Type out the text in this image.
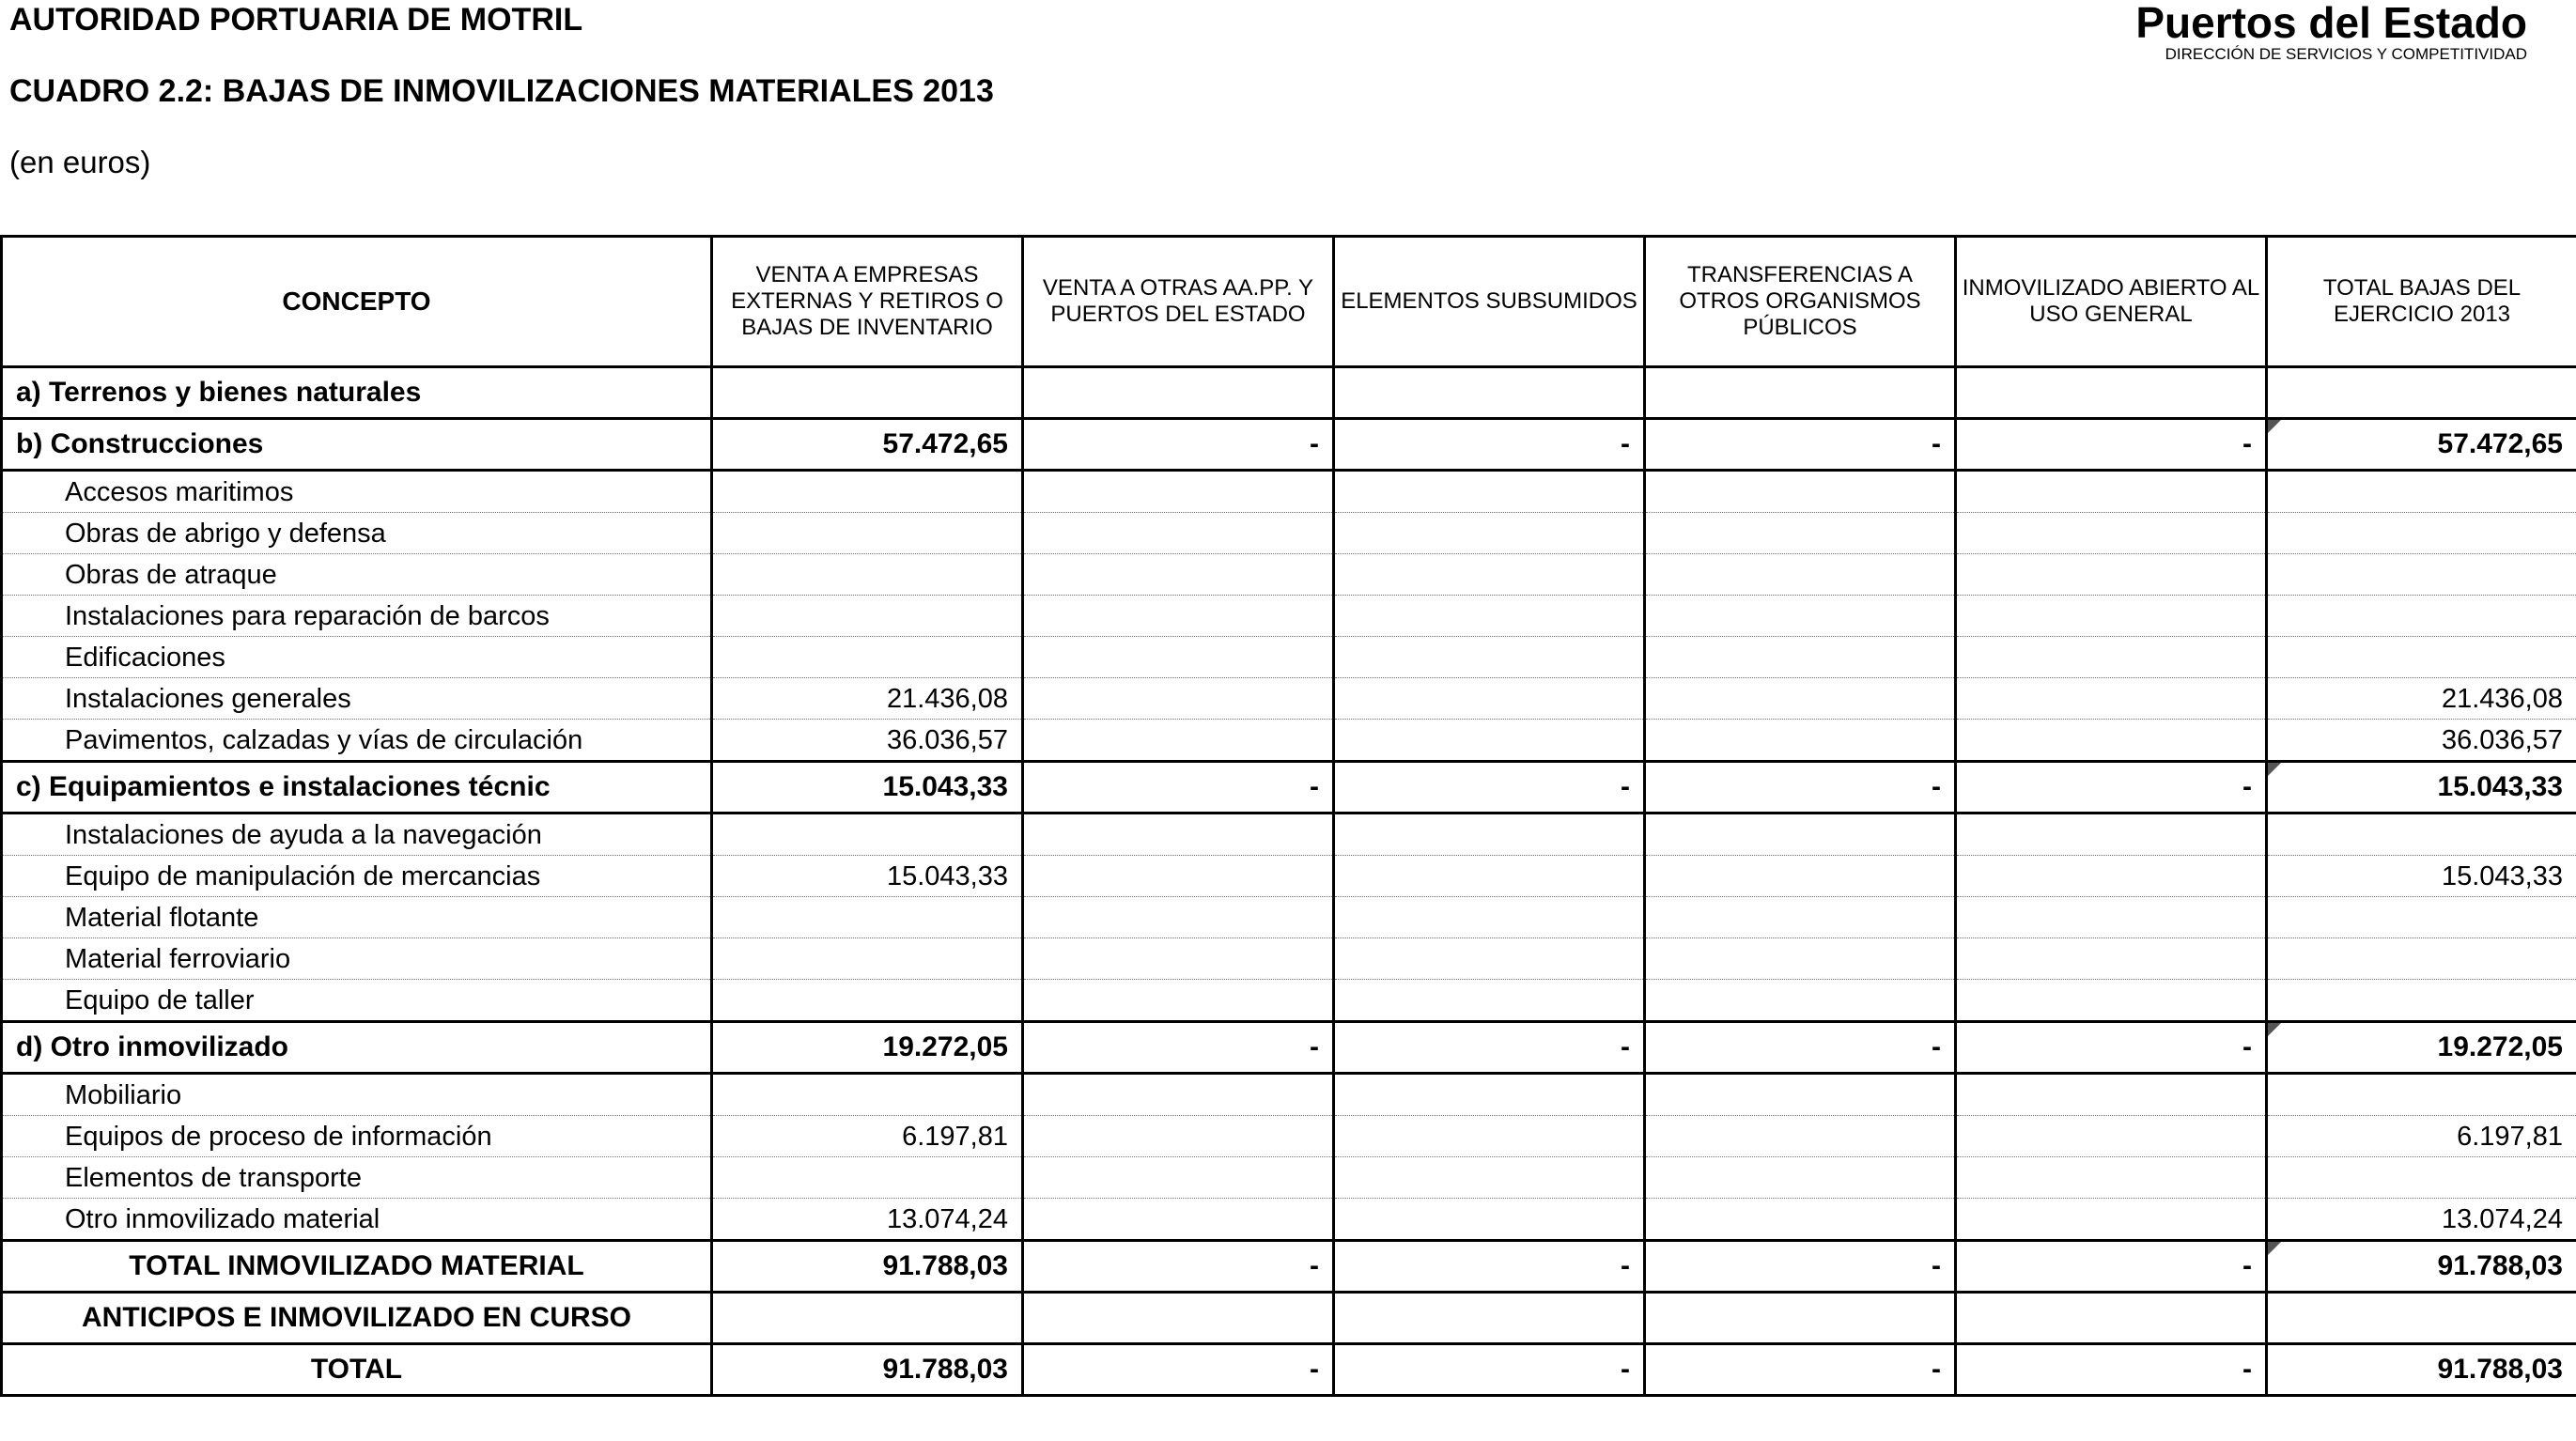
AUTORIDAD PORTUARIA DE MOTRIL
CUADRO 2.2: BAJAS DE INMOVILIZACIONES MATERIALES 2013
(en euros)
Puertos del Estado
DIRECCIÓN DE SERVICIOS Y COMPETITIVIDAD
CONCEPTO	VENTA A EMPRESAS EXTERNAS Y RETIROS O BAJAS DE INVENTARIO	VENTA A OTRAS AA.PP. Y PUERTOS DEL ESTADO	ELEMENTOS SUBSUMIDOS	TRANSFERENCIAS A OTROS ORGANISMOS PÚBLICOS	INMOVILIZADO ABIERTO AL USO GENERAL	TOTAL BAJAS DEL EJERCICIO 2013
a) Terrenos y bienes naturales						
b) Construcciones	57.472,65	-	-	-	-	57.472,65
Accesos maritimos						
Obras de abrigo y defensa						
Obras de atraque						
Instalaciones para reparación de barcos						
Edificaciones						
Instalaciones generales	21.436,08					21.436,08
Pavimentos, calzadas y vías de circulación	36.036,57					36.036,57
c) Equipamientos e instalaciones técnic	15.043,33	-	-	-	-	15.043,33
Instalaciones de ayuda a la navegación						
Equipo de manipulación de mercancias	15.043,33					15.043,33
Material flotante						
Material ferroviario						
Equipo de taller						
d) Otro inmovilizado	19.272,05	-	-	-	-	19.272,05
Mobiliario						
Equipos de proceso de información	6.197,81					6.197,81
Elementos de transporte						
Otro inmovilizado material	13.074,24					13.074,24
TOTAL INMOVILIZADO MATERIAL	91.788,03	-	-	-	-	91.788,03
ANTICIPOS E INMOVILIZADO EN CURSO						
TOTAL	91.788,03	-	-	-	-	91.788,03
